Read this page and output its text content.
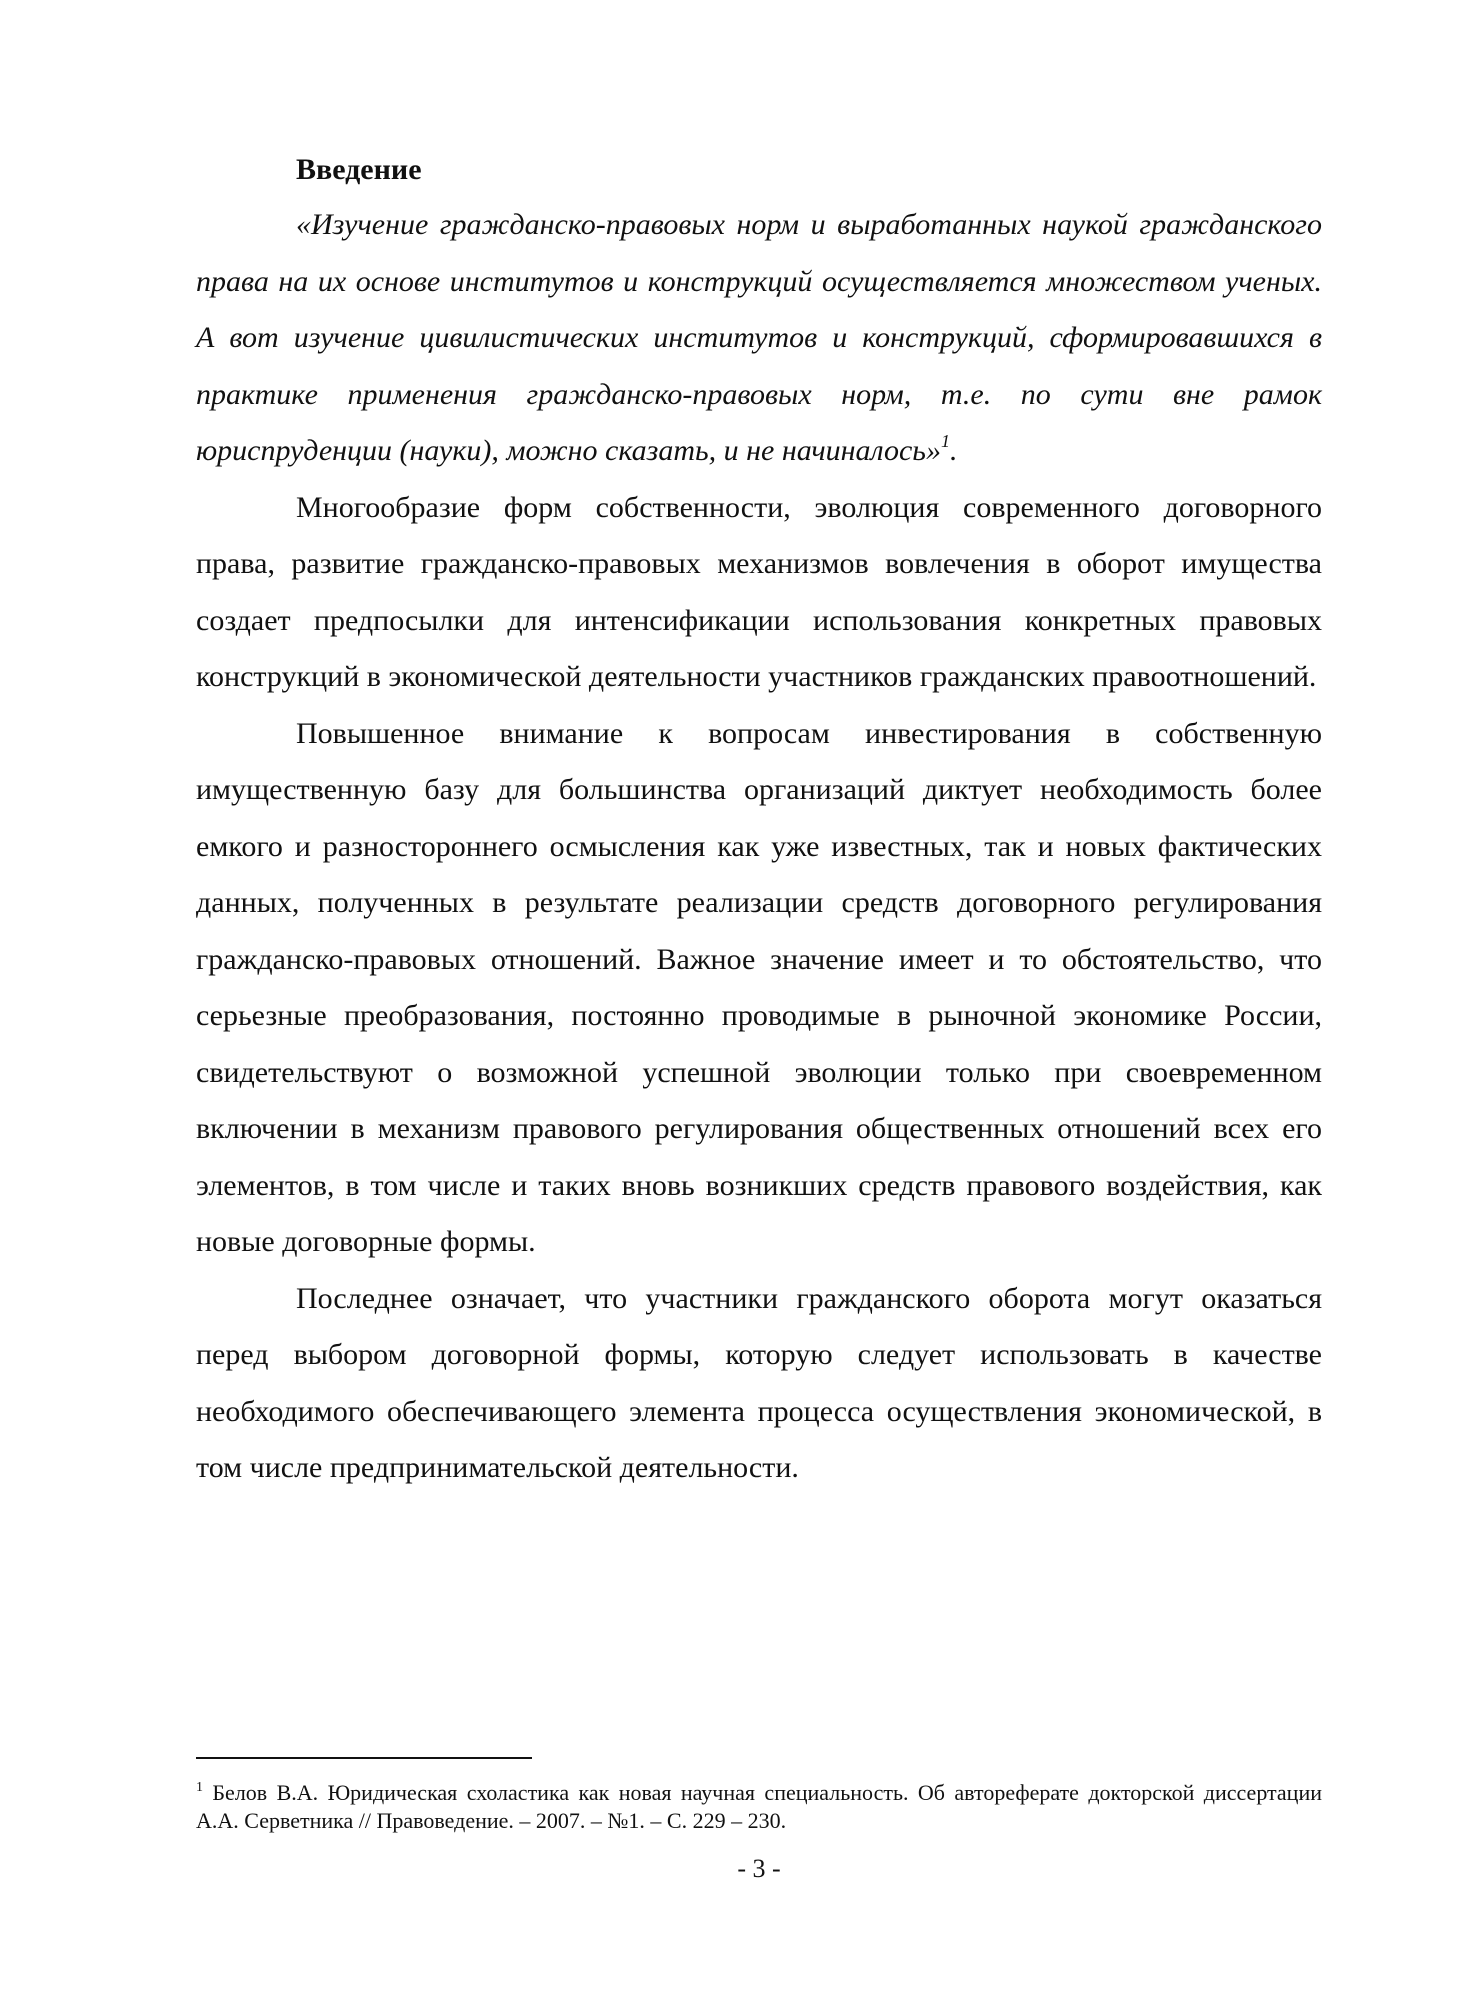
Введение

«Изучение гражданско-правовых норм и выработанных наукой гражданского права на их основе институтов и конструкций осуществляется множеством ученых. А вот изучение цивилистических институтов и конструкций, сформировавшихся в практике применения гражданско-правовых норм, т.е. по сути вне рамок юриспруденции (науки), можно сказать, и не начиналось»$^1$.

Многообразие форм собственности, эволюция современного договорного права, развитие гражданско-правовых механизмов вовлечения в оборот имущества создает предпосылки для интенсификации использования конкретных правовых конструкций в экономической деятельности участников гражданских правоотношений.

Повышенное внимание к вопросам инвестирования в собственную имущественную базу для большинства организаций диктует необходимость более емкого и разностороннего осмысления как уже известных, так и новых фактических данных, полученных в результате реализации средств договорного регулирования гражданско-правовых отношений. Важное значение имеет и то обстоятельство, что серьезные преобразования, постоянно проводимые в рыночной экономике России, свидетельствуют о возможной успешной эволюции только при своевременном включении в механизм правового регулирования общественных отношений всех его элементов, в том числе и таких вновь возникших средств правового воздействия, как новые договорные формы.

Последнее означает, что участники гражданского оборота могут оказаться перед выбором договорной формы, которую следует использовать в качестве необходимого обеспечивающего элемента процесса осуществления экономической, в том числе предпринимательской деятельности.

$^1$ Белов В.А. Юридическая схоластика как новая научная специальность. Об автореферате докторской диссертации А.А. Серветника // Правоведение. – 2007. – №1. – С. 229 – 230.

- 3 -
